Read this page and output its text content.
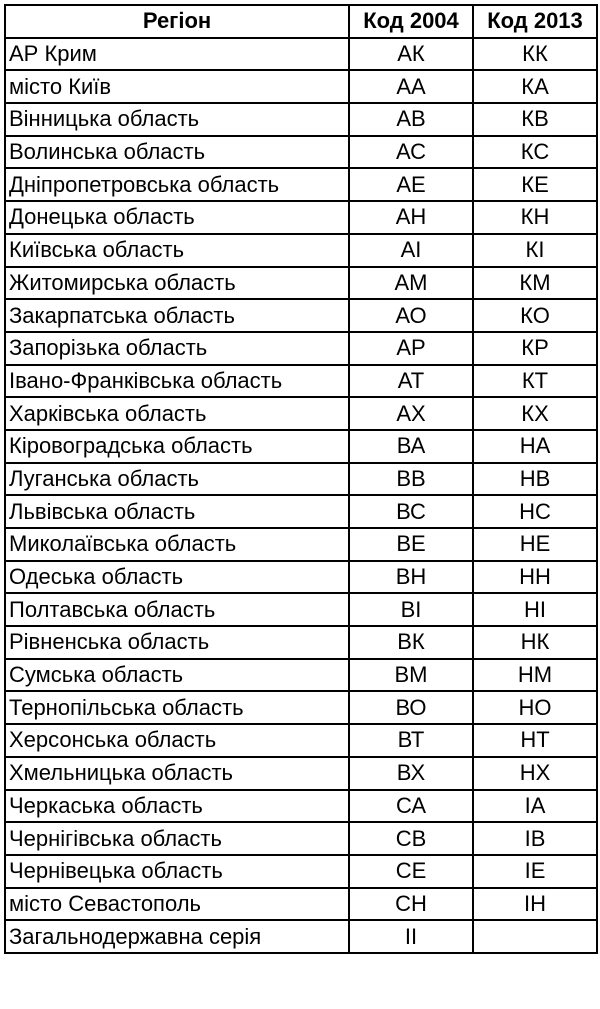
Регіон	Код 2004	Код 2013
АР Крим	АК	КК
місто Київ	АА	КА
Вінницька область	АВ	КВ
Волинська область	АС	КС
Дніпропетровська область	АЕ	КЕ
Донецька область	АН	КН
Київська область	АІ	КІ
Житомирська область	АМ	КМ
Закарпатська область	АО	КО
Запорізька область	АР	КР
Івано-Франківська область	АТ	КТ
Харківська область	АХ	КХ
Кіровоградська область	ВА	НА
Луганська область	ВВ	НВ
Львівська область	ВС	НС
Миколаївська область	ВЕ	НЕ
Одеська область	ВН	НН
Полтавська область	ВІ	НІ
Рівненська область	ВК	НК
Сумська область	ВМ	НМ
Тернопільська область	ВО	НО
Херсонська область	ВТ	НТ
Хмельницька область	ВХ	НХ
Черкаська область	СА	ІА
Чернігівська область	СВ	ІВ
Чернівецька область	СЕ	ІЕ
місто Севастополь	СН	ІН
Загальнодержавна серія	ІІ	
